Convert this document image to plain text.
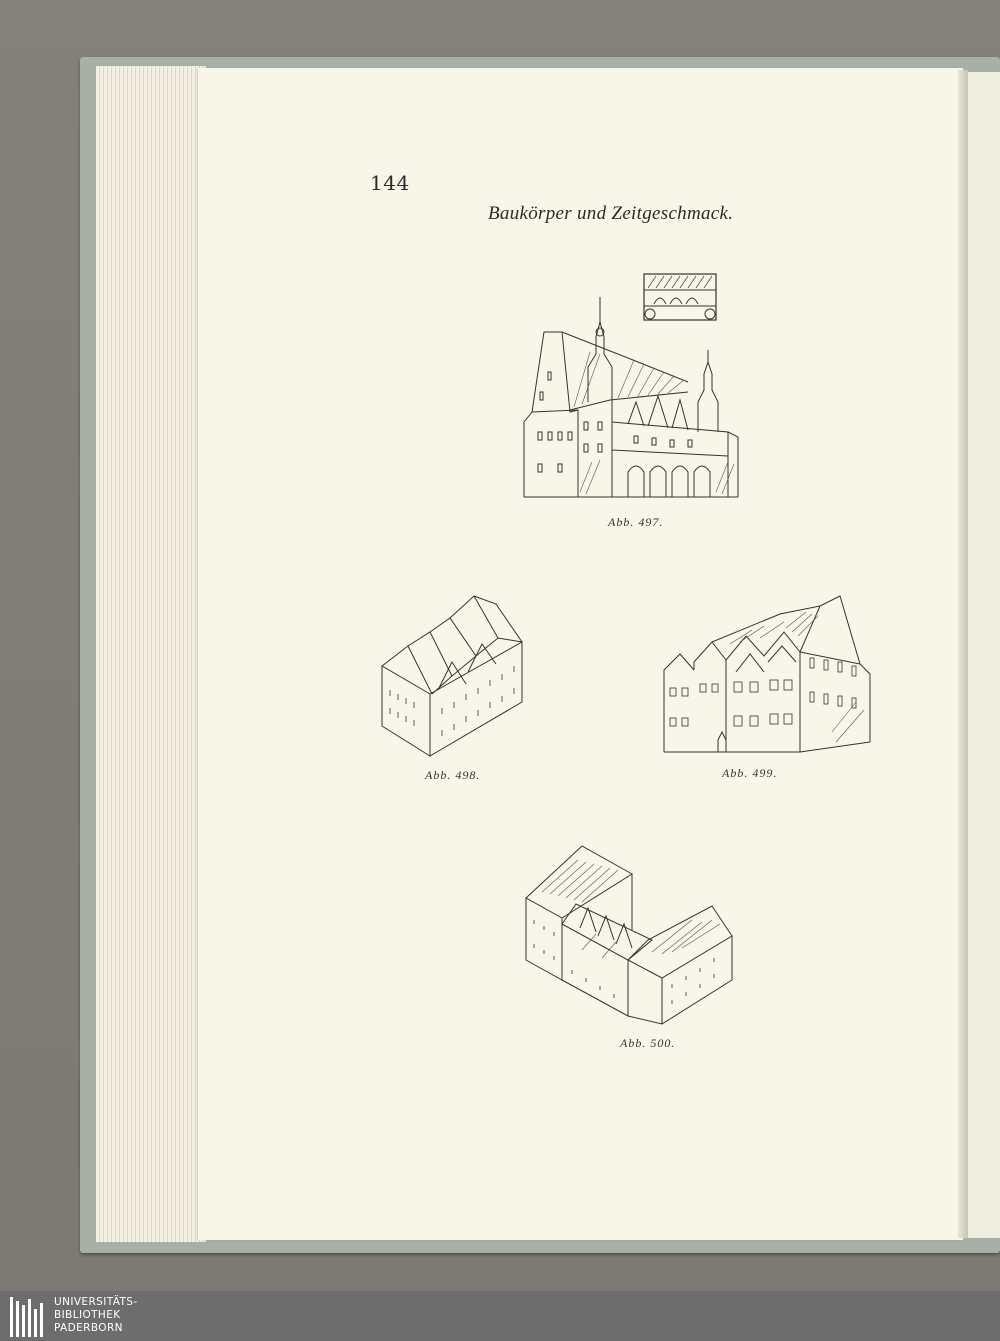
144
Baukörper und Zeitgeschmack.
Abb. 497.
Abb. 498.	Abb. 499.
Abb. 500.
UNIVERSITÄTS-
BIBLIOTHEK
PADERBORN
